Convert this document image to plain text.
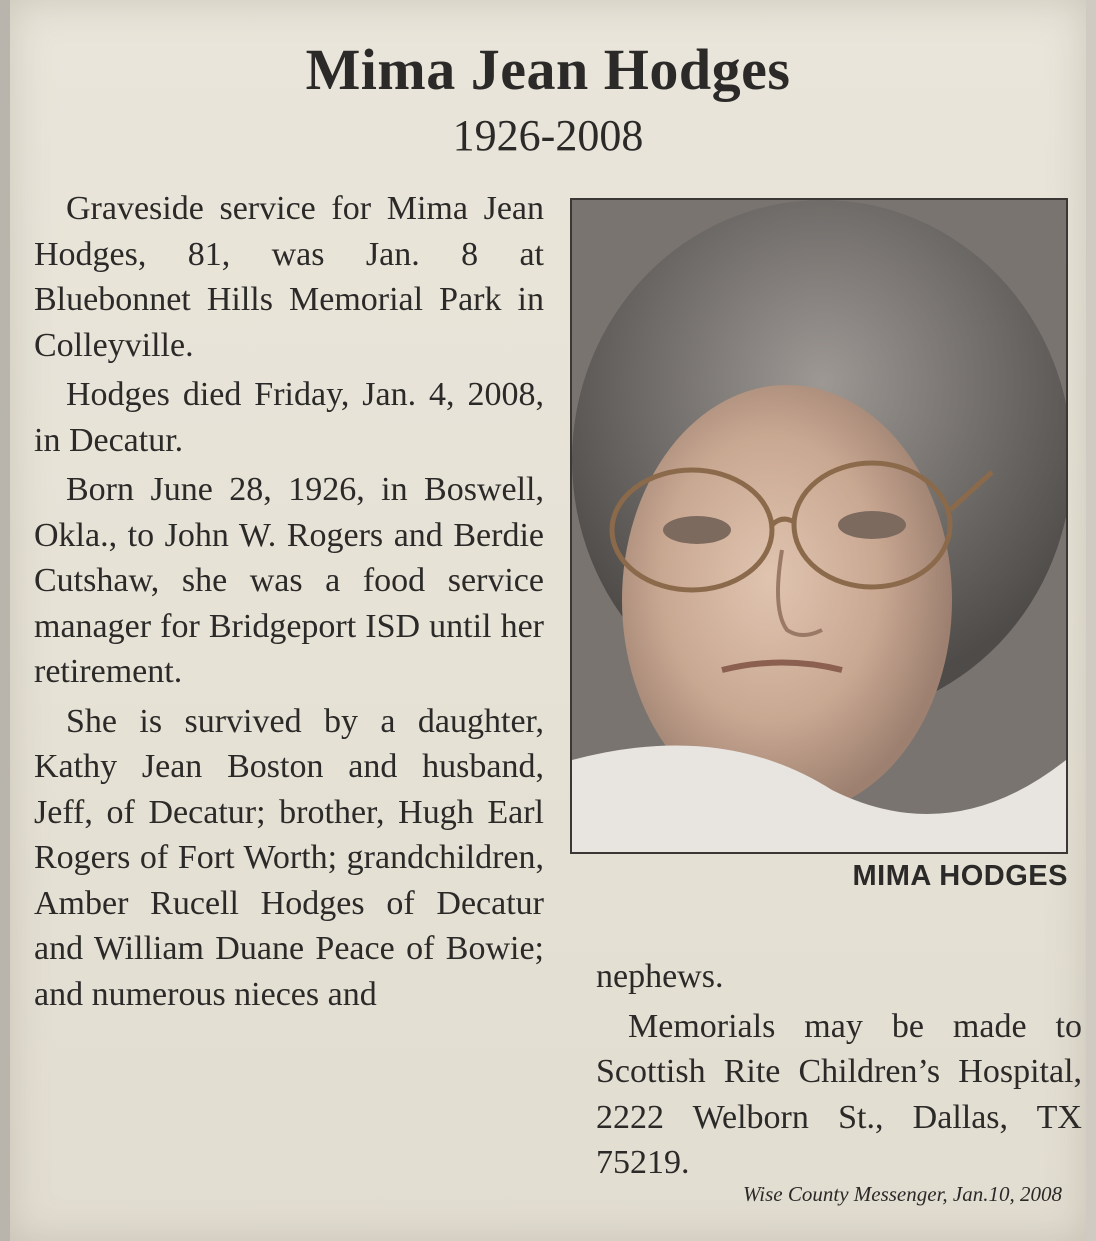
Mima Jean Hodges
1926-2008

Graveside service for Mima Jean Hodges, 81, was Jan. 8 at Bluebonnet Hills Memorial Park in Colleyville.

Hodges died Friday, Jan. 4, 2008, in Decatur.

Born June 28, 1926, in Boswell, Okla., to John W. Rogers and Berdie Cutshaw, she was a food service manager for Bridgeport ISD until her retirement.

She is survived by a daughter, Kathy Jean Boston and husband, Jeff, of Decatur; brother, Hugh Earl Rogers of Fort Worth; grandchildren, Amber Rucell Hodges of Decatur and William Duane Peace of Bowie; and numerous nieces and

MIMA HODGES

nephews.

Memorials may be made to Scottish Rite Children’s Hospital, 2222 Welborn St., Dallas, TX 75219.

Wise County Messenger, Jan.10, 2008
